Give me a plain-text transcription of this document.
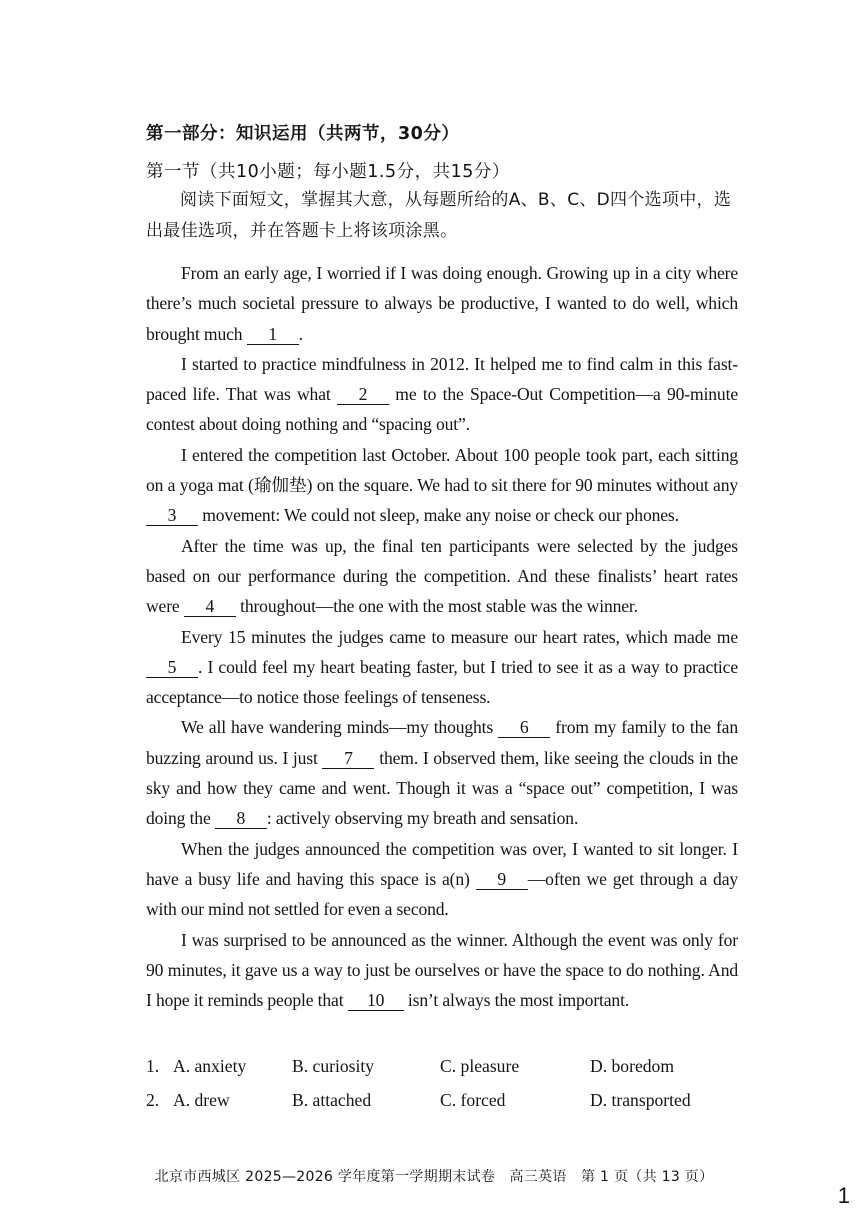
第一部分：知识运用（共两节，30分）
第一节（共10小题；每小题1.5分，共15分）

阅读下面短文，掌握其大意，从每题所给的A、B、C、D四个选项中，选出最佳选项，并在答题卡上将该项涂黑。

From an early age, I worried if I was doing enough. Growing up in a city where there’s much societal pressure to always be productive, I wanted to do well, which brought much 1 .

I started to practice mindfulness in 2012. It helped me to find calm in this fast-paced life. That was what 2 me to the Space-Out Competition—a 90-minute contest about doing nothing and “spacing out”.

I entered the competition last October. About 100 people took part, each sitting on a yoga mat (瑜伽垫) on the square. We had to sit there for 90 minutes without any 3 movement: We could not sleep, make any noise or check our phones.

After the time was up, the final ten participants were selected by the judges based on our performance during the competition. And these finalists’ heart rates were 4 throughout—the one with the most stable was the winner.

Every 15 minutes the judges came to measure our heart rates, which made me 5 . I could feel my heart beating faster, but I tried to see it as a way to practice acceptance—to notice those feelings of tenseness.

We all have wandering minds—my thoughts 6 from my family to the fan buzzing around us. I just 7 them. I observed them, like seeing the clouds in the sky and how they came and went. Though it was a “space out” competition, I was doing the 8 : actively observing my breath and sensation.

When the judges announced the competition was over, I wanted to sit longer. I have a busy life and having this space is a(n) 9 —often we get through a day with our mind not settled for even a second.

I was surprised to be announced as the winner. Although the event was only for 90 minutes, it gave us a way to just be ourselves or have the space to do nothing. And I hope it reminds people that 10 isn’t always the most important.

1. A. anxiety	B. curiosity	C. pleasure	D. boredom
2. A. drew	B. attached	C. forced	D. transported
北京市西城区 2025—2026 学年度第一学期期末试卷　高三英语　第 1 页（共 13 页）
1
